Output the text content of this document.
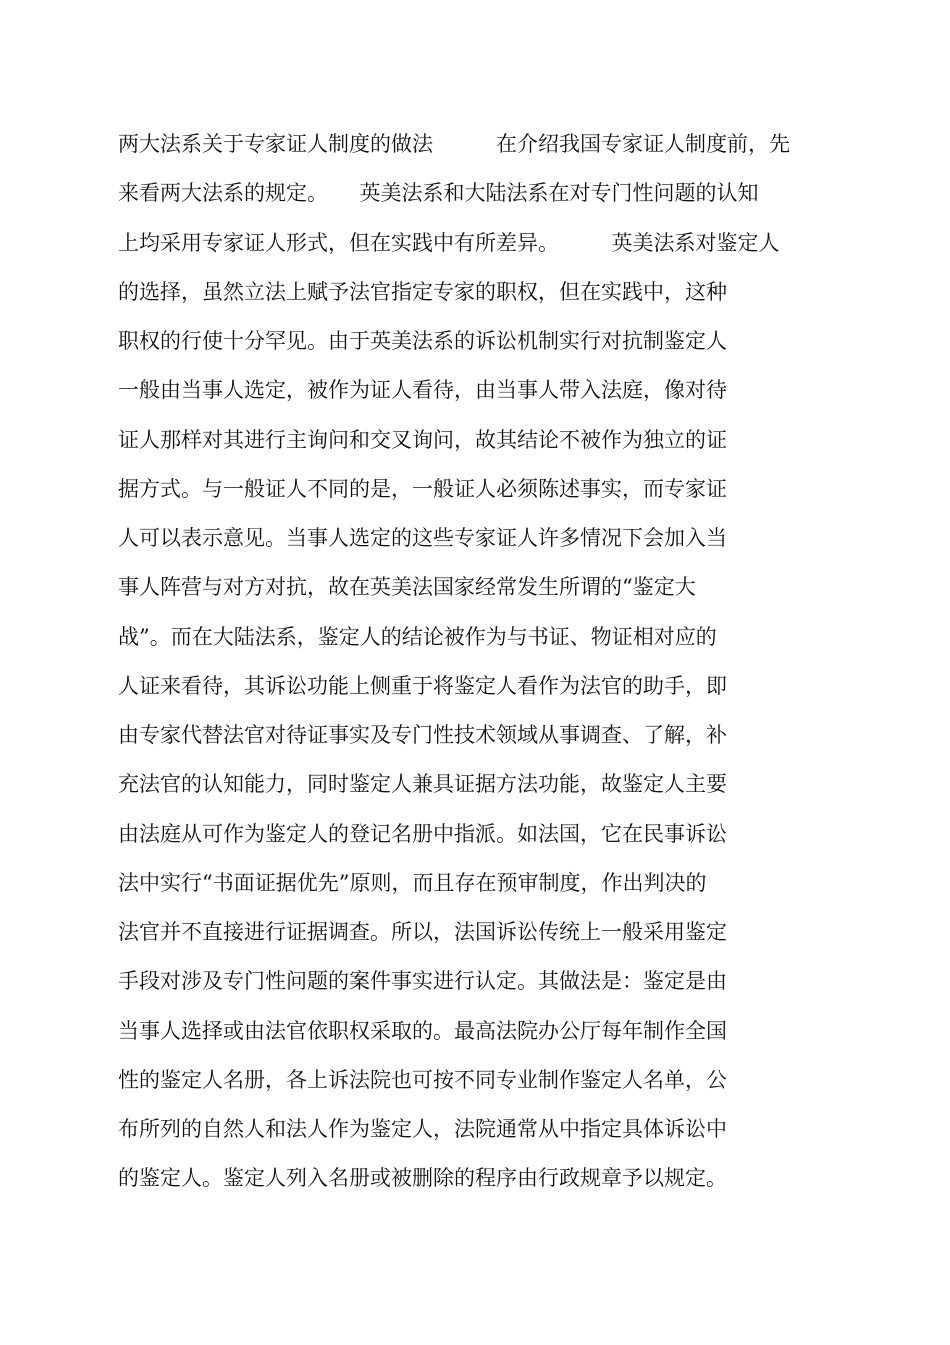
两大法系关于专家证人制度的做法　　　在介绍我国专家证人制度前，先
来看两大法系的规定。　　英美法系和大陆法系在对专门性问题的认知
上均采用专家证人形式，但在实践中有所差异。　　　英美法系对鉴定人
的选择，虽然立法上赋予法官指定专家的职权，但在实践中，这种
职权的行使十分罕见。由于英美法系的诉讼机制实行对抗制鉴定人
一般由当事人选定，被作为证人看待，由当事人带入法庭，像对待
证人那样对其进行主询问和交叉询问，故其结论不被作为独立的证
据方式。与一般证人不同的是，一般证人必须陈述事实，而专家证
人可以表示意见。当事人选定的这些专家证人许多情况下会加入当
事人阵营与对方对抗，故在英美法国家经常发生所谓的“鉴定大
战”。而在大陆法系，鉴定人的结论被作为与书证、物证相对应的
人证来看待，其诉讼功能上侧重于将鉴定人看作为法官的助手，即
由专家代替法官对待证事实及专门性技术领域从事调查、了解，补
充法官的认知能力，同时鉴定人兼具证据方法功能，故鉴定人主要
由法庭从可作为鉴定人的登记名册中指派。如法国，它在民事诉讼
法中实行“书面证据优先”原则，而且存在预审制度，作出判决的
法官并不直接进行证据调查。所以，法国诉讼传统上一般采用鉴定
手段对涉及专门性问题的案件事实进行认定。其做法是：鉴定是由
当事人选择或由法官依职权采取的。最高法院办公厅每年制作全国
性的鉴定人名册，各上诉法院也可按不同专业制作鉴定人名单，公
布所列的自然人和法人作为鉴定人，法院通常从中指定具体诉讼中
的鉴定人。鉴定人列入名册或被删除的程序由行政规章予以规定。
